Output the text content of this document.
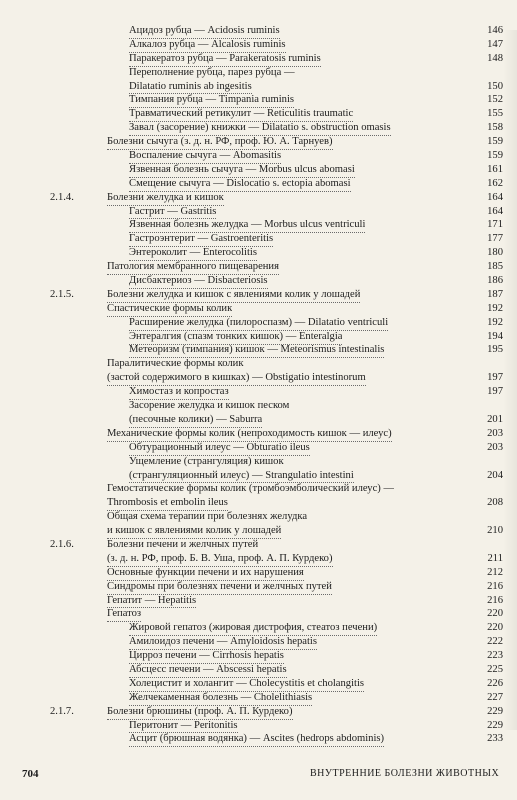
Ацидоз рубца — Acidosis ruminis	146
Алкалоз рубца — Alcalosis ruminis	147
Паракератоз рубца — Parakeratosis ruminis	148
Переполнение рубца, парез рубца —
Dilatatio ruminis ab ingesitis	150
Тимпания рубца — Timpania ruminis	152
Травматический ретикулит — Reticulitis traumatic	155
Завал (засорение) книжки — Dilatatio s. obstruction omasis	158
Болезни сычуга (з. д. н. РФ, проф. Ю. А. Тарнуев)	159
Воспаление сычуга — Abomasitis	159
Язвенная болезнь сычуга — Morbus ulcus abomasi	161
Смещение сычуга — Dislocatio s. ectopia abomasi	162
2.1.4.	Болезни желудка и кишок	164
Гастрит — Gastritis	164
Язвенная болезнь желудка — Morbus ulcus ventriculi	171
Гастроэнтерит — Gastroenteritis	177
Энтероколит — Enterocolitis	180
Патология мембранного пищеварения	185
Дисбактериоз — Disbacteriosis	186
2.1.5.	Болезни желудка и кишок с явлениями колик у лошадей	187
Спастические формы колик	192
Расширение желудка (пилороспазм) — Dilatatio ventriculi	192
Энтералгия (спазм тонких кишок) — Enteralgia	194
Метеоризм (тимпания) кишок — Meteorismus intestinalis	195
Паралитические формы колик
(застой содержимого в кишках) — Obstigatio intestinorum	197
Химостаз и копростаз	197
Засорение желудка и кишок песком
(песочные колики) — Saburra	201
Механические формы колик (непроходимость кишок — илеус)	203
Обтурационный илеус — Obturatio ileus	203
Ущемление (странгуляция) кишок
(странгуляционный илеус) — Strangulatio intestini	204
Гемостатические формы колик (тромбоэмболический илеус) —
Thrombosis et embolin ileus	208
Общая схема терапии при болезнях желудка
и кишок с явлениями колик у лошадей	210
2.1.6.	Болезни печени и желчных путей
(з. д. н. РФ, проф. Б. В. Уша, проф. А. П. Курдеко)	211
Основные функции печени и их нарушения	212
Синдромы при болезнях печени и желчных путей	216
Гепатит — Hepatitis	216
Гепатоз	220
Жировой гепатоз (жировая дистрофия, стеатоз печени)	220
Амилоидоз печени — Amyloidosis hepatis	222
Цирроз печени — Cirrhosis hepatis	223
Абсцесс печени — Abscessi hepatis	225
Холецистит и холангит — Cholecystitis et cholangitis	226
Желчекаменная болезнь — Cholelithiasis	227
2.1.7.	Болезни брюшины (проф. А. П. Курдеко)	229
Перитонит — Peritonitis	229
Асцит (брюшная водянка) — Ascites (hedrops abdominis)	233
704	ВНУТРЕННИЕ БОЛЕЗНИ ЖИВОТНЫХ
